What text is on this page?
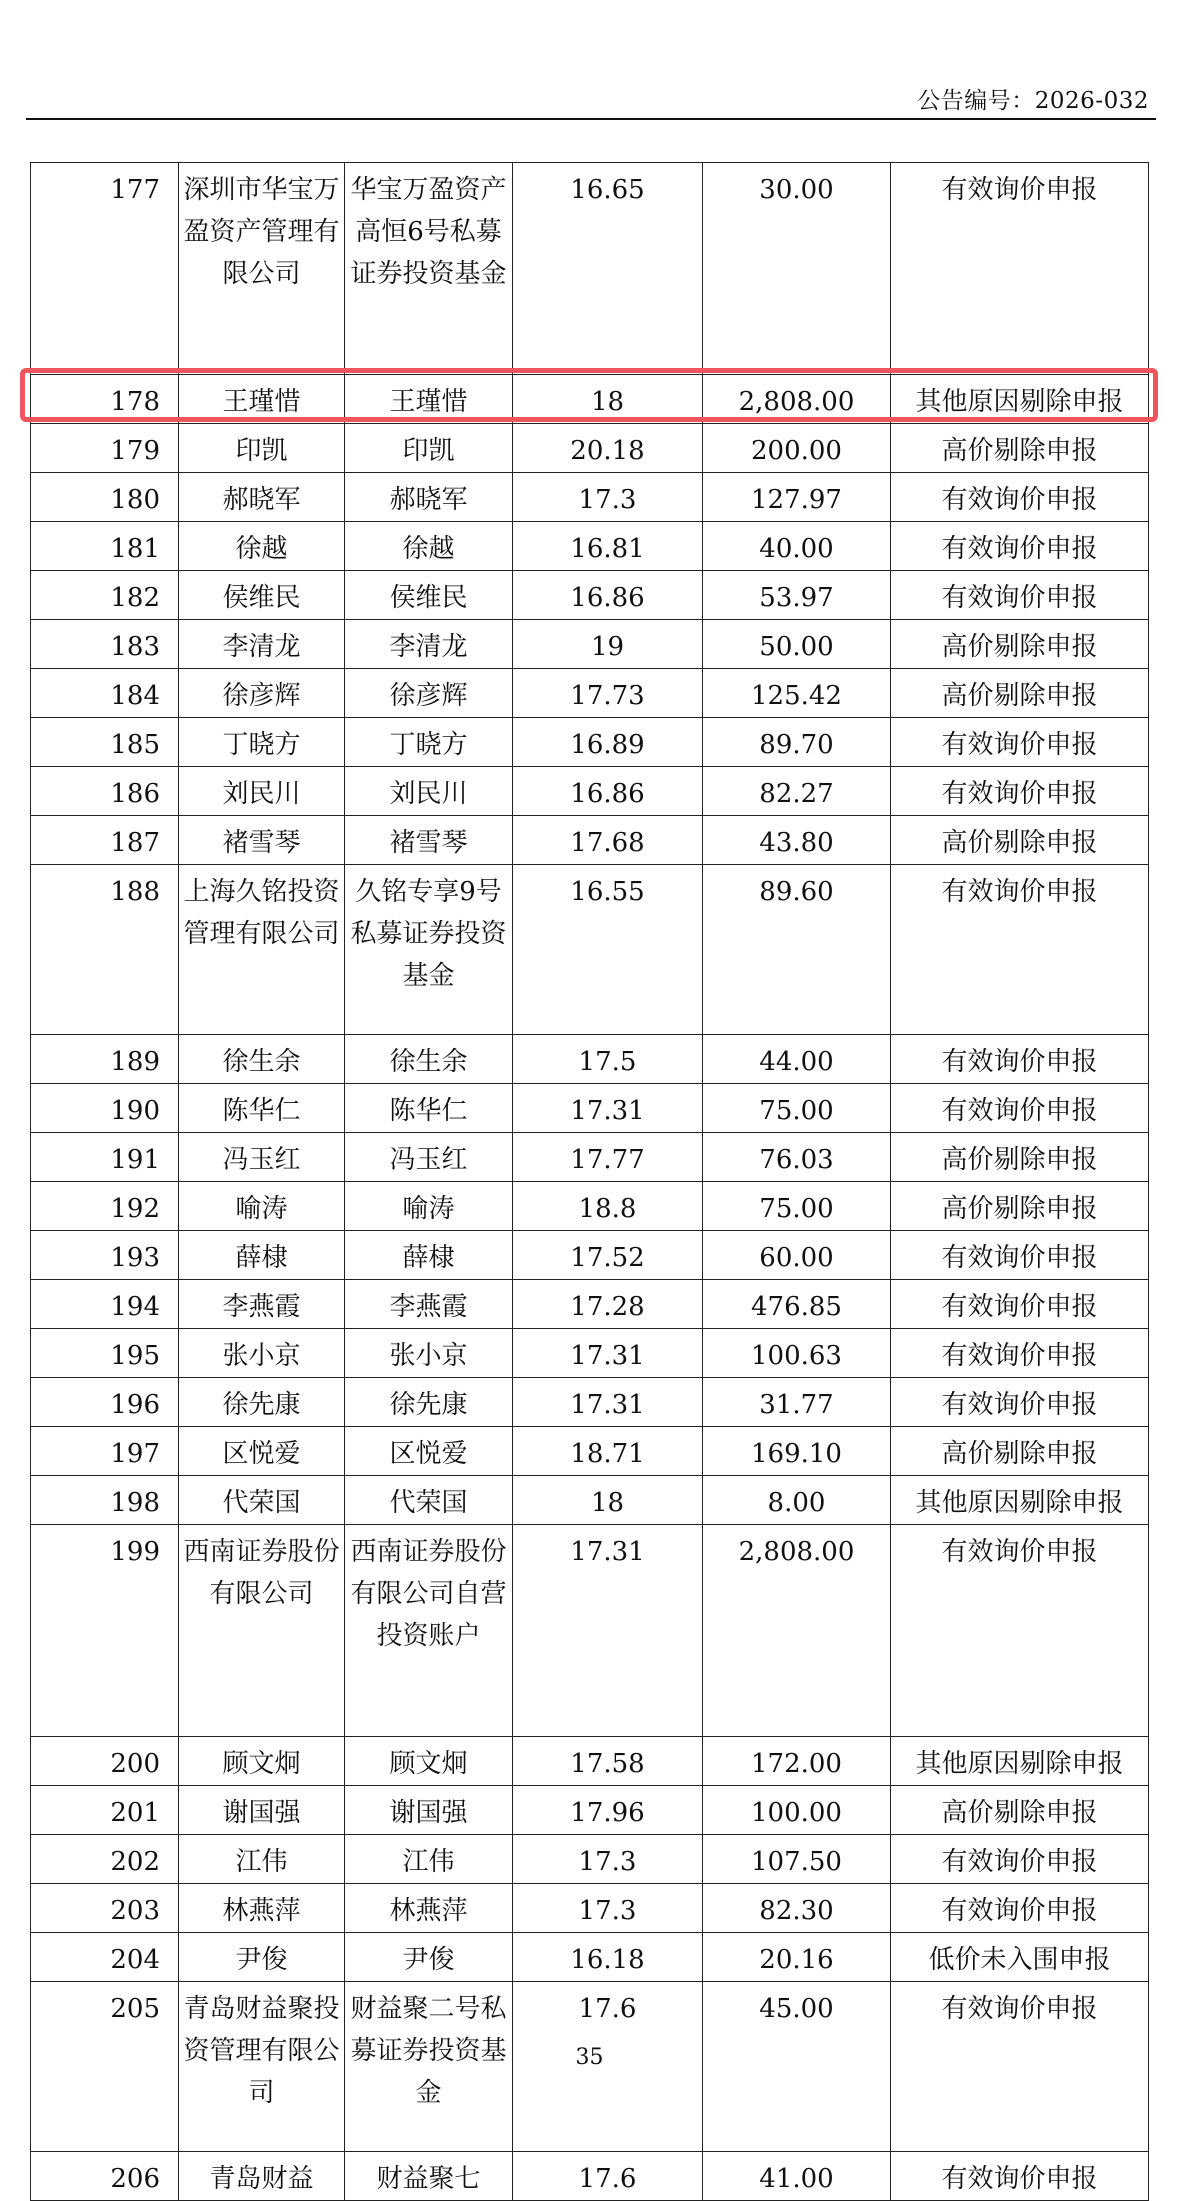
公告编号：2026-032
177	深圳市华宝万盈资产管理有限公司	华宝万盈资产高恒6号私募证券投资基金	16.65	30.00	有效询价申报
178	王瑾惜	王瑾惜	18	2,808.00	其他原因剔除申报
179	印凯	印凯	20.18	200.00	高价剔除申报
180	郝晓军	郝晓军	17.3	127.97	有效询价申报
181	徐越	徐越	16.81	40.00	有效询价申报
182	侯维民	侯维民	16.86	53.97	有效询价申报
183	李清龙	李清龙	19	50.00	高价剔除申报
184	徐彦辉	徐彦辉	17.73	125.42	高价剔除申报
185	丁晓方	丁晓方	16.89	89.70	有效询价申报
186	刘民川	刘民川	16.86	82.27	有效询价申报
187	褚雪琴	褚雪琴	17.68	43.80	高价剔除申报
188	上海久铭投资管理有限公司	久铭专享9号私募证券投资基金	16.55	89.60	有效询价申报
189	徐生余	徐生余	17.5	44.00	有效询价申报
190	陈华仁	陈华仁	17.31	75.00	有效询价申报
191	冯玉红	冯玉红	17.77	76.03	高价剔除申报
192	喻涛	喻涛	18.8	75.00	高价剔除申报
193	薛棣	薛棣	17.52	60.00	有效询价申报
194	李燕霞	李燕霞	17.28	476.85	有效询价申报
195	张小京	张小京	17.31	100.63	有效询价申报
196	徐先康	徐先康	17.31	31.77	有效询价申报
197	区悦爱	区悦爱	18.71	169.10	高价剔除申报
198	代荣国	代荣国	18	8.00	其他原因剔除申报
199	西南证券股份有限公司	西南证券股份有限公司自营投资账户	17.31	2,808.00	有效询价申报
200	顾文炯	顾文炯	17.58	172.00	其他原因剔除申报
201	谢国强	谢国强	17.96	100.00	高价剔除申报
202	江伟	江伟	17.3	107.50	有效询价申报
203	林燕萍	林燕萍	17.3	82.30	有效询价申报
204	尹俊	尹俊	16.18	20.16	低价未入围申报
205	青岛财益聚投资管理有限公司	财益聚二号私募证券投资基金	17.6	45.00	有效询价申报
206	青岛财益	财益聚七	17.6	41.00	有效询价申报
35
